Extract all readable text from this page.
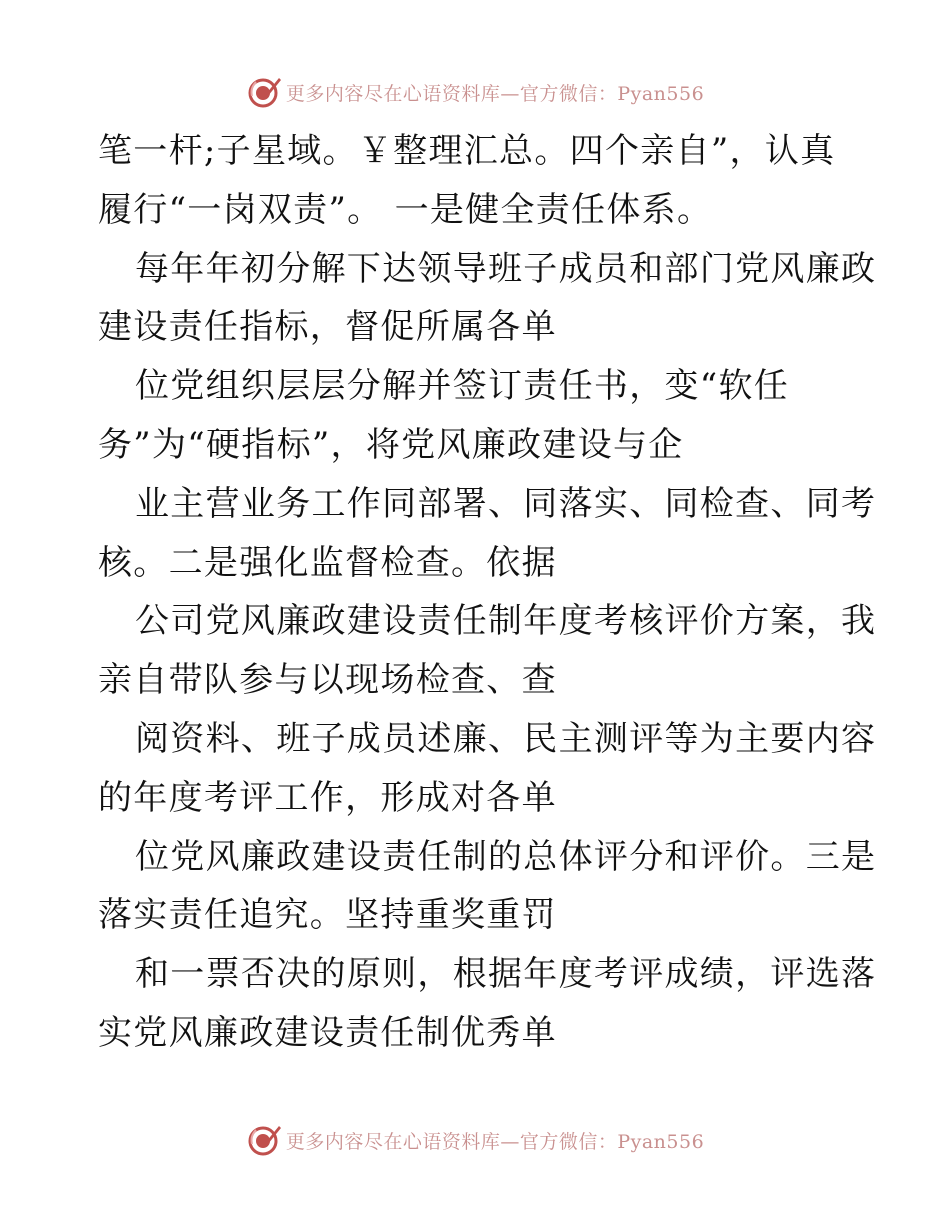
更多内容尽在心语资料库—官方微信：Pyan556

笔一杆;子星域。￥整理汇总。四个亲自”，认真

履行“一岗双责”。 一是健全责任体系。

每年年初分解下达领导班子成员和部门党风廉政

建设责任指标，督促所属各单

位党组织层层分解并签订责任书，变“软任

务”为“硬指标”，将党风廉政建设与企

业主营业务工作同部署、同落实、同检查、同考

核。二是强化监督检查。依据

公司党风廉政建设责任制年度考核评价方案，我

亲自带队参与以现场检查、查

阅资料、班子成员述廉、民主测评等为主要内容

的年度考评工作，形成对各单

位党风廉政建设责任制的总体评分和评价。三是

落实责任追究。坚持重奖重罚

和一票否决的原则，根据年度考评成绩，评选落

实党风廉政建设责任制优秀单

更多内容尽在心语资料库—官方微信：Pyan556
